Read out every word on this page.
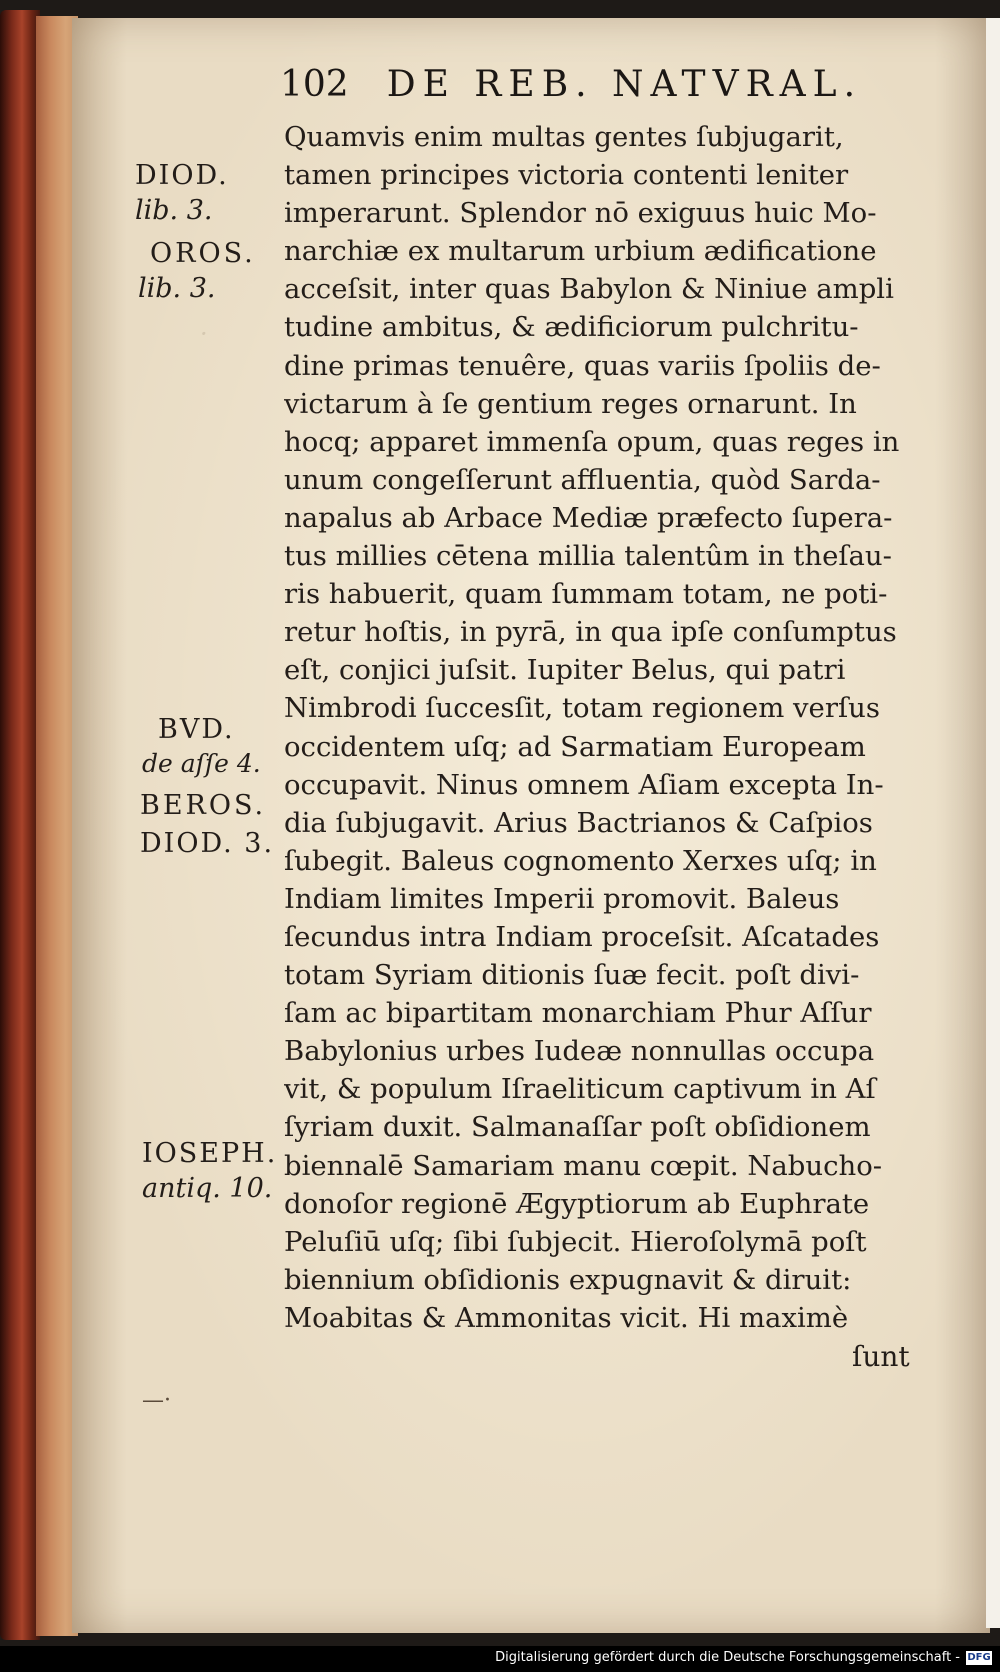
102 DE REB. NATVRAL.
·
DIOD.
lib. 3.
OROS.
lib. 3.
BVD.
de aſſe 4.
BEROS.
DIOD. 3.
IOSEPH.
antiq. 10.
Quamvis enim multas gentes ſubjugarit,
tamen principes victoria contenti leniter
imperarunt. Splendor nō exiguus huic Mo-
narchiæ ex multarum urbium ædificatione
acceſsit, inter quas Babylon & Niniue ampli
tudine ambitus, & ædificiorum pulchritu-
dine primas tenuêre, quas variis ſpoliis de-
victarum à ſe gentium reges ornarunt. In
hocq; apparet immenſa opum, quas reges in
unum congeſſerunt affluentia, quòd Sarda-
napalus ab Arbace Mediæ præfecto ſupera-
tus millies cētena millia talentûm in theſau-
ris habuerit, quam ſummam totam, ne poti-
retur hoſtis, in pyrā, in qua ipſe conſumptus
eſt, conjici juſsit. Iupiter Belus, qui patri
Nimbrodi ſuccesſit, totam regionem verſus
occidentem uſq; ad Sarmatiam Europeam
occupavit. Ninus omnem Aſiam excepta In-
dia ſubjugavit. Arius Bactrianos & Caſpios
ſubegit. Baleus cognomento Xerxes uſq; in
Indiam limites Imperii promovit. Baleus
ſecundus intra Indiam proceſsit. Aſcatades
totam Syriam ditionis ſuæ fecit. poſt divi-
ſam ac bipartitam monarchiam Phur Aſſur
Babylonius urbes Iudeæ nonnullas occupa
vit, & populum Iſraeliticum captivum in Aſ
ſyriam duxit. Salmanaſſar poſt obſidionem
biennalē Samariam manu cœpit. Nabucho-
donoſor regionē Ægyptiorum ab Euphrate
Peluſiū uſq; ſibi ſubjecit. Hieroſolymā poſt
biennium obſidionis expugnavit & diruit:
Moabitas & Ammonitas vicit. Hi maximè
ſunt
—·
Digitalisierung gefördert durch die Deutsche Forschungsgemeinschaft - DFG
